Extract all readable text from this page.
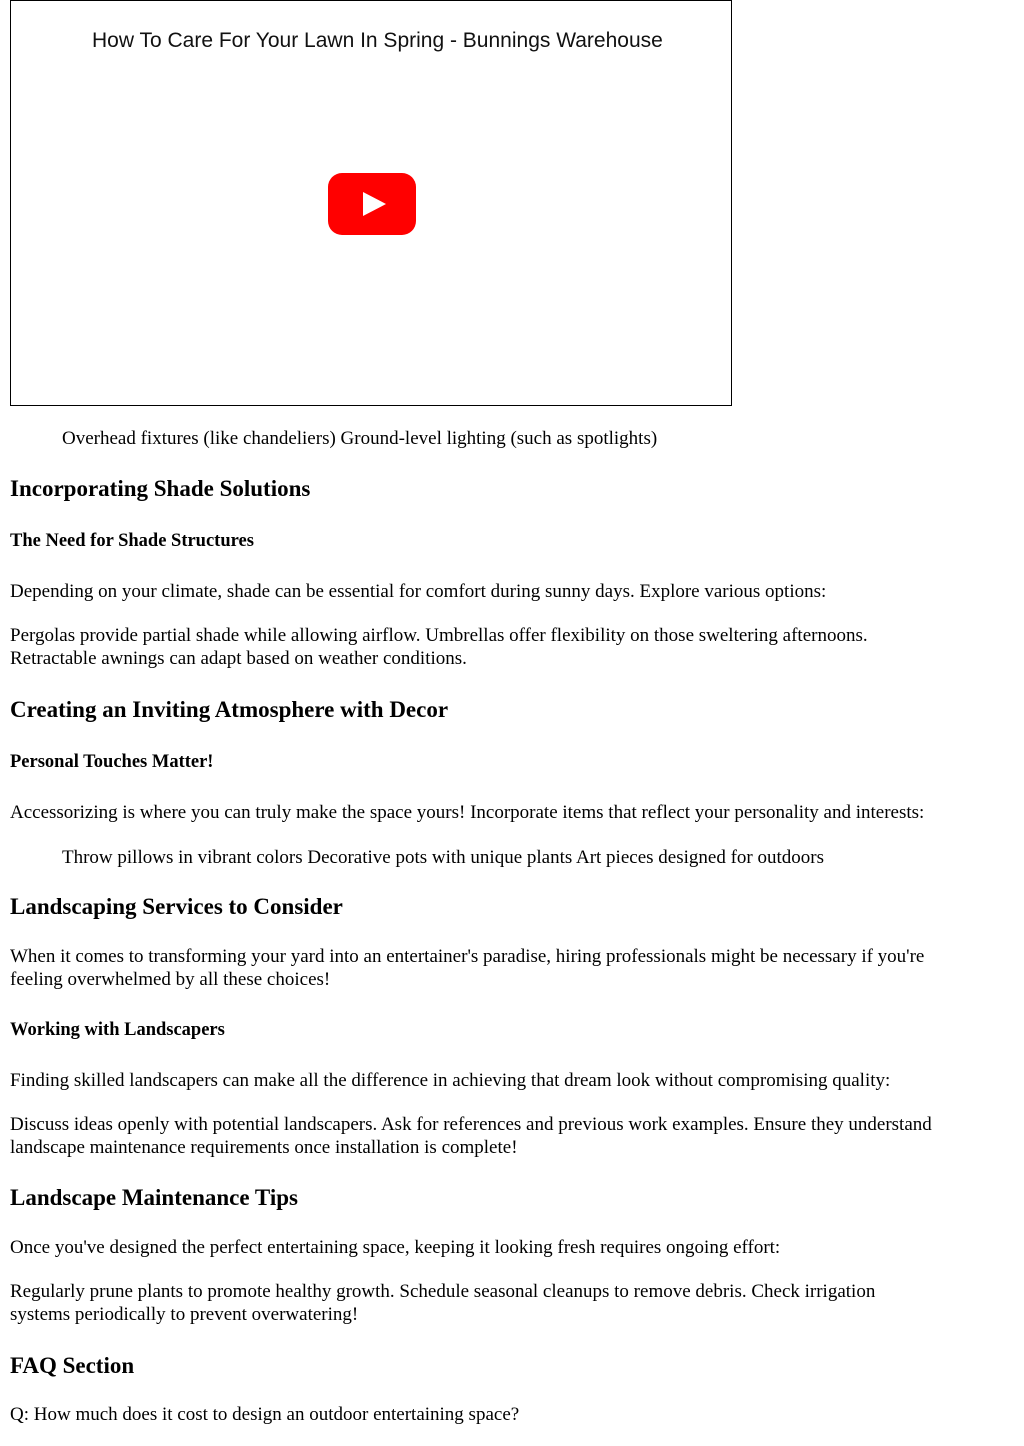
How To Care For Your Lawn In Spring - Bunnings Warehouse
Overhead fixtures (like chandeliers) Ground-level lighting (such as spotlights)
Incorporating Shade Solutions
The Need for Shade Structures
Depending on your climate, shade can be essential for comfort during sunny days. Explore various options:
Pergolas provide partial shade while allowing airflow. Umbrellas offer flexibility on those sweltering afternoons.
Retractable awnings can adapt based on weather conditions.
Creating an Inviting Atmosphere with Decor
Personal Touches Matter!
Accessorizing is where you can truly make the space yours! Incorporate items that reflect your personality and interests:
Throw pillows in vibrant colors Decorative pots with unique plants Art pieces designed for outdoors
Landscaping Services to Consider
When it comes to transforming your yard into an entertainer's paradise, hiring professionals might be necessary if you're
feeling overwhelmed by all these choices!
Working with Landscapers
Finding skilled landscapers can make all the difference in achieving that dream look without compromising quality:
Discuss ideas openly with potential landscapers. Ask for references and previous work examples. Ensure they understand
landscape maintenance requirements once installation is complete!
Landscape Maintenance Tips
Once you've designed the perfect entertaining space, keeping it looking fresh requires ongoing effort:
Regularly prune plants to promote healthy growth. Schedule seasonal cleanups to remove debris. Check irrigation
systems periodically to prevent overwatering!
FAQ Section
Q: How much does it cost to design an outdoor entertaining space?
